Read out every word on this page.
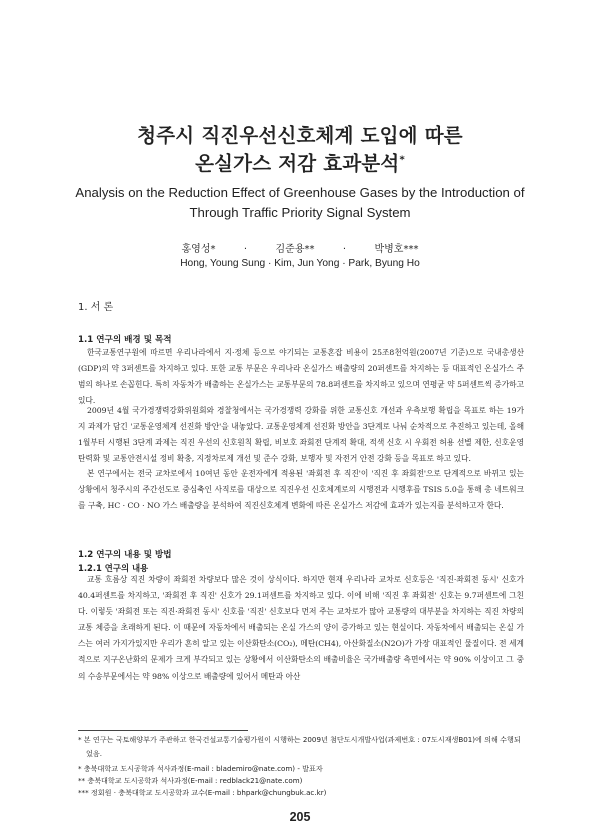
청주시 직진우선신호체계 도입에 따른
온실가스 저감 효과분석*
Analysis on the Reduction Effect of Greenhouse Gases by the Introduction of
Through Traffic Priority Signal System
홍영성*	·	김준용**	·	박병호***
Hong, Young Sung · Kim, Jun Yong · Park, Byung Ho
1. 서 론
1.1 연구의 배경 및 목적

한국교통연구원에 따르면 우리나라에서 지·정체 등으로 야기되는 교통혼잡 비용이 25조8천억원(2007년 기준)으로 국내총생산(GDP)의 약 3퍼센트를 차지하고 있다. 또한 교통 부문은 우리나라 온실가스 배출량의 20퍼센트를 차지하는 등 대표적인 온실가스 주범의 하나로 손꼽힌다. 특히 자동차가 배출하는 온실가스는 교통부문의 78.8퍼센트를 차지하고 있으며 연평균 약 5퍼센트씩 증가하고 있다.

2009년 4월 국가경쟁력강화위원회와 경찰청에서는 국가경쟁력 강화를 위한 교통신호 개선과 우측보행 확립을 목표로 하는 19가지 과제가 담긴 '교통운영체계 선진화 방안'을 내놓았다. 교통운영체계 선진화 방안을 3단계로 나눠 순차적으로 추진하고 있는데, 올해 1월부터 시행된 3단계 과제는 직진 우선의 신호원칙 확립, 비보호 좌회전 단계적 확대, 적색 신호 시 우회전 허용 선별 제한, 신호운영 탄력화 및 교통안전시설 정비 확충, 지정차로제 개선 및 준수 강화, 보행자 및 자전거 안전 강화 등을 목표로 하고 있다.

본 연구에서는 전국 교차로에서 10여년 동안 운전자에게 적용된 '좌회전 후 직진'이 '직진 후 좌회전'으로 단계적으로 바뀌고 있는 상황에서 청주시의 주간선도로 중심축인 사직로를 대상으로 직진우선 신호체계로의 시행전과 시행후를 TSIS 5.0을 통해 총 네트워크를 구축, HC · CO · NO 가스 배출량을 분석하여 직진신호체계 변화에 따른 온실가스 저감에 효과가 있는지를 분석하고자 한다.

1.2 연구의 내용 및 방법
1.2.1 연구의 내용

교통 흐름상 직진 차량이 좌회전 차량보다 많은 것이 상식이다. 하지만 현재 우리나라 교차로 신호등은 '직진·좌회전 동시' 신호가 40.4퍼센트를 차지하고, '좌회전 후 직진' 신호가 29.1퍼센트를 차지하고 있다. 이에 비해 '직진 후 좌회전' 신호는 9.7퍼센트에 그친다. 이렇듯 '좌회전 또는 직진·좌회전 동시' 신호를 '직진' 신호보다 먼저 주는 교차로가 많아 교통량의 대부분을 차지하는 직진 차량의 교통 체증을 초래하게 된다. 이 때문에 자동차에서 배출되는 온실 가스의 양이 증가하고 있는 현실이다. 자동차에서 배출되는 온실 가스는 여러 가지가있지만 우리가 흔히 알고 있는 이산화탄소(CO₂), 메탄(CH4), 아산화질소(N2O)가 가장 대표적인 물질이다. 전 세계적으로 지구온난화의 문제가 크게 부각되고 있는 상황에서 이산화탄소의 배출비율은 국가배출량 측면에서는 약 90% 이상이고 그 중의 수송부문에서는 약 98% 이상으로 배출량에 있어서 메탄과 아산

* 본 연구는 국토해양부가 주관하고 한국건설교통기술평가원이 시행하는 2009년 첨단도시개발사업(과제번호 : 07도시재생B01)에 의해 수행되었음.

* 충북대학교 도시공학과 석사과정(E-mail : blademiro@nate.com) - 발표자

** 충북대학교 도시공학과 석사과정(E-mail : redblack21@nate.com)

*** 정회원 · 충북대학교 도시공학과 교수(E-mail : bhpark@chungbuk.ac.kr)

205
